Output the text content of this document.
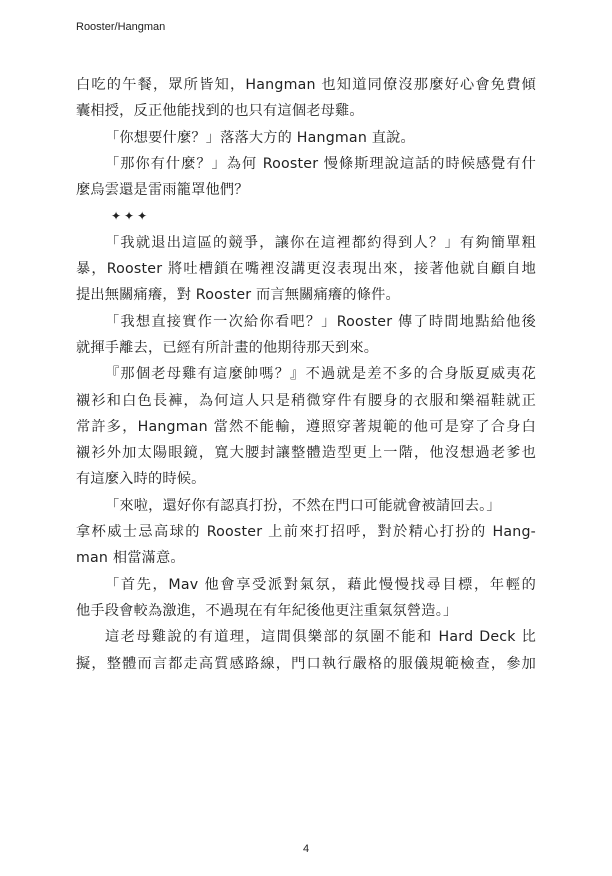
Rooster/Hangman
白吃的午餐，眾所皆知，Hangman 也知道同僚沒那麼好心會免費傾
囊相授，反正他能找到的也只有這個老母雞。
「你想要什麼？」落落大方的 Hangman 直說。
「那你有什麼？」為何 Rooster 慢條斯理說這話的時候感覺有什
麼烏雲還是雷雨籠罩他們？
✦✦✦
「我就退出這區的競爭，讓你在這裡都約得到人？」有夠簡單粗
暴，Rooster 將吐槽鎖在嘴裡沒講更沒表現出來，接著他就自顧自地
提出無關痛癢，對 Rooster 而言無關痛癢的條件。
「我想直接實作一次給你看吧？」Rooster 傳了時間地點給他後
就揮手離去，已經有所計畫的他期待那天到來。
『那個老母雞有這麼帥嗎？』不過就是差不多的合身版夏威夷花
襯衫和白色長褲，為何這人只是稍微穿件有腰身的衣服和樂福鞋就正
常許多，Hangman 當然不能輸，遵照穿著規範的他可是穿了合身白
襯衫外加太陽眼鏡，寬大腰封讓整體造型更上一階，他沒想過老爹也
有這麼入時的時候。
「來啦，還好你有認真打扮，不然在門口可能就會被請回去。」
拿杯威士忌高球的 Rooster 上前來打招呼，對於精心打扮的 Hang-
man 相當滿意。
「首先，Mav 他會享受派對氣氛，藉此慢慢找尋目標，年輕的
他手段會較為激進，不過現在有年紀後他更注重氣氛營造。」
這老母雞說的有道理，這間俱樂部的氛圍不能和 Hard Deck 比
擬，整體而言都走高質感路線，門口執行嚴格的服儀規範檢查，參加
4
